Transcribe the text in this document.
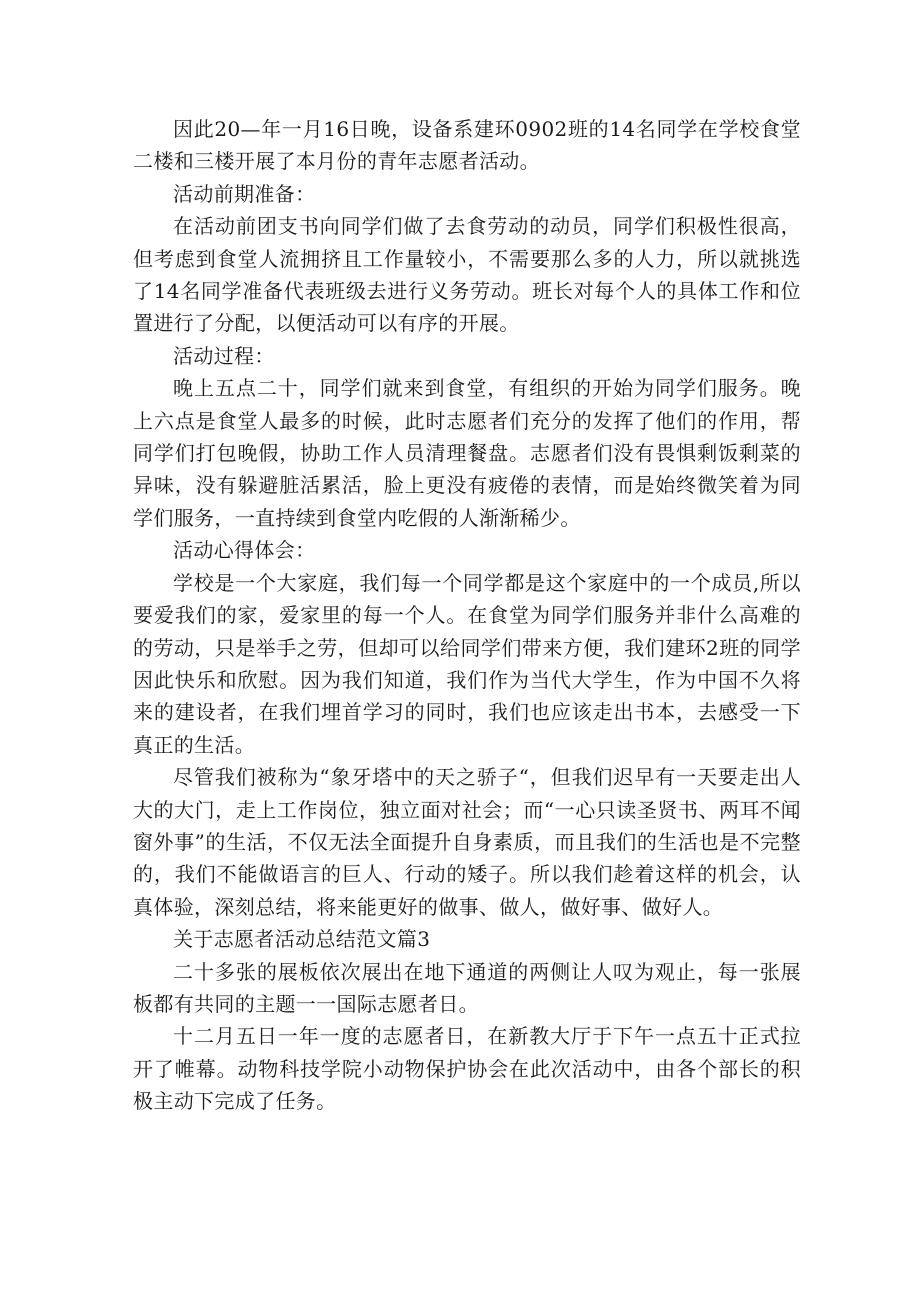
因此20—年一月16日晚，设备系建环0902班的14名同学在学校食堂二楼和三楼开展了本月份的青年志愿者活动。

活动前期准备：

在活动前团支书向同学们做了去食劳动的动员，同学们积极性很高，但考虑到食堂人流拥挤且工作量较小，不需要那么多的人力，所以就挑选了14名同学准备代表班级去进行义务劳动。班长对每个人的具体工作和位置进行了分配，以便活动可以有序的开展。

活动过程：

晚上五点二十，同学们就来到食堂，有组织的开始为同学们服务。晚上六点是食堂人最多的时候，此时志愿者们充分的发挥了他们的作用，帮同学们打包晚假，协助工作人员清理餐盘。志愿者们没有畏惧剩饭剩菜的异味，没有躲避脏活累活，脸上更没有疲倦的表情，而是始终微笑着为同学们服务，一直持续到食堂内吃假的人渐渐稀少。

活动心得体会：

学校是一个大家庭，我们每一个同学都是这个家庭中的一个成员,所以要爱我们的家，爱家里的每一个人。在食堂为同学们服务并非什么高难的的劳动，只是举手之劳，但却可以给同学们带来方便，我们建环2班的同学因此快乐和欣慰。因为我们知道，我们作为当代大学生，作为中国不久将来的建设者，在我们埋首学习的同时，我们也应该走出书本，去感受一下真正的生活。

尽管我们被称为“象牙塔中的天之骄子“，但我们迟早有一天要走出人大的大门，走上工作岗位，独立面对社会；而“一心只读圣贤书、两耳不闻窗外事”的生活，不仅无法全面提升自身素质，而且我们的生活也是不完整的，我们不能做语言的巨人、行动的矮子。所以我们趁着这样的机会，认真体验，深刻总结，将来能更好的做事、做人，做好事、做好人。

关于志愿者活动总结范文篇3

二十多张的展板依次展出在地下通道的两侧让人叹为观止，每一张展板都有共同的主题一一国际志愿者日。

十二月五日一年一度的志愿者日，在新教大厅于下午一点五十正式拉开了帷幕。动物科技学院小动物保护协会在此次活动中，由各个部长的积极主动下完成了任务。
